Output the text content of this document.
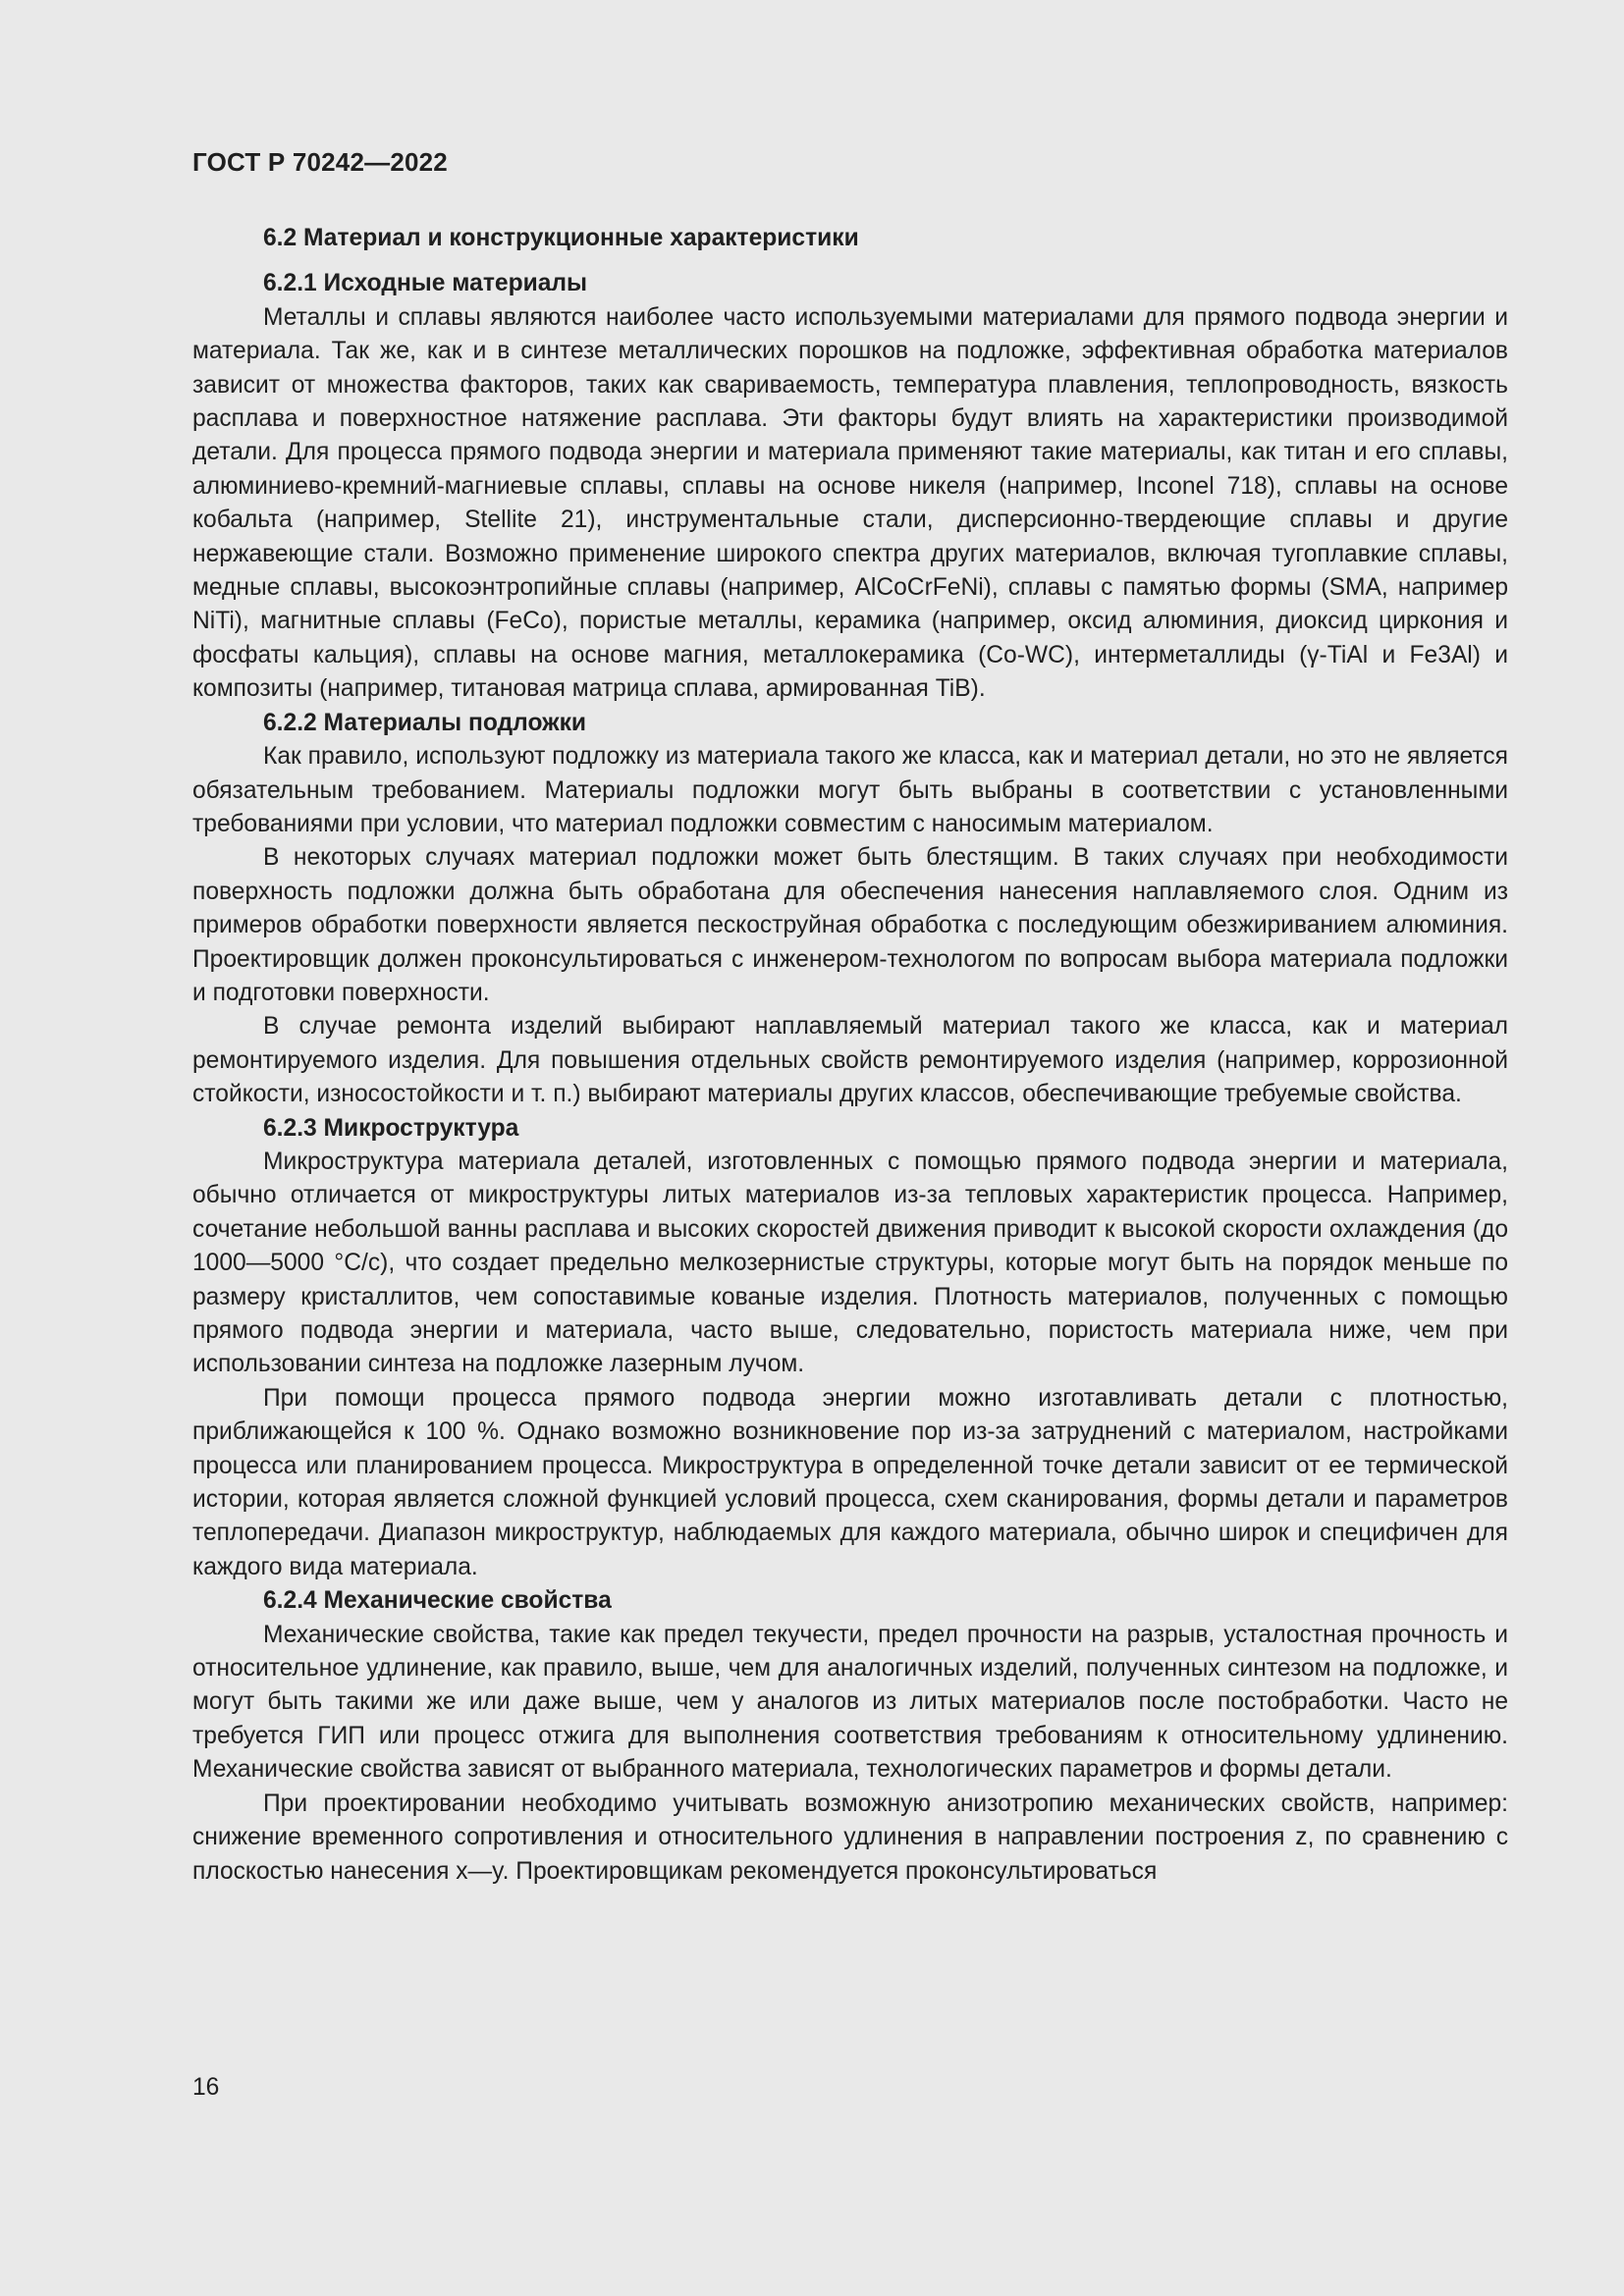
ГОСТ Р 70242—2022
6.2 Материал и конструкционные характеристики
6.2.1 Исходные материалы

Металлы и сплавы являются наиболее часто используемыми материалами для прямого подвода энергии и материала. Так же, как и в синтезе металлических порошков на подложке, эффективная обработка материалов зависит от множества факторов, таких как свариваемость, температура плавления, теплопроводность, вязкость расплава и поверхностное натяжение расплава. Эти факторы будут влиять на характеристики производимой детали. Для процесса прямого подвода энергии и материала применяют такие материалы, как титан и его сплавы, алюминиево-кремний-магниевые сплавы, сплавы на основе никеля (например, Inconel 718), сплавы на основе кобальта (например, Stellite 21), инструментальные стали, дисперсионно-твердеющие сплавы и другие нержавеющие стали. Возможно применение широкого спектра других материалов, включая тугоплавкие сплавы, медные сплавы, высокоэнтропийные сплавы (например, AlCoCrFeNi), сплавы с памятью формы (SMA, например NiTi), магнитные сплавы (FeCo), пористые металлы, керамика (например, оксид алюминия, диоксид циркония и фосфаты кальция), сплавы на основе магния, металлокерамика (Co-WC), интерметаллиды (γ-TiAl и Fe3Al) и композиты (например, титановая матрица сплава, армированная TiB).

6.2.2 Материалы подложки

Как правило, используют подложку из материала такого же класса, как и материал детали, но это не является обязательным требованием. Материалы подложки могут быть выбраны в соответствии с установленными требованиями при условии, что материал подложки совместим с наносимым материалом.

В некоторых случаях материал подложки может быть блестящим. В таких случаях при необходимости поверхность подложки должна быть обработана для обеспечения нанесения наплавляемого слоя. Одним из примеров обработки поверхности является пескоструйная обработка с последующим обезжириванием алюминия. Проектировщик должен проконсультироваться с инженером-технологом по вопросам выбора материала подложки и подготовки поверхности.

В случае ремонта изделий выбирают наплавляемый материал такого же класса, как и материал ремонтируемого изделия. Для повышения отдельных свойств ремонтируемого изделия (например, коррозионной стойкости, износостойкости и т. п.) выбирают материалы других классов, обеспечивающие требуемые свойства.

6.2.3 Микроструктура

Микроструктура материала деталей, изготовленных с помощью прямого подвода энергии и материала, обычно отличается от микроструктуры литых материалов из-за тепловых характеристик процесса. Например, сочетание небольшой ванны расплава и высоких скоростей движения приводит к высокой скорости охлаждения (до 1000—5000 °С/с), что создает предельно мелкозернистые структуры, которые могут быть на порядок меньше по размеру кристаллитов, чем сопоставимые кованые изделия. Плотность материалов, полученных с помощью прямого подвода энергии и материала, часто выше, следовательно, пористость материала ниже, чем при использовании синтеза на подложке лазерным лучом.

При помощи процесса прямого подвода энергии можно изготавливать детали с плотностью, приближающейся к 100 %. Однако возможно возникновение пор из-за затруднений с материалом, настройками процесса или планированием процесса. Микроструктура в определенной точке детали зависит от ее термической истории, которая является сложной функцией условий процесса, схем сканирования, формы детали и параметров теплопередачи. Диапазон микроструктур, наблюдаемых для каждого материала, обычно широк и специфичен для каждого вида материала.

6.2.4 Механические свойства

Механические свойства, такие как предел текучести, предел прочности на разрыв, усталостная прочность и относительное удлинение, как правило, выше, чем для аналогичных изделий, полученных синтезом на подложке, и могут быть такими же или даже выше, чем у аналогов из литых материалов после постобработки. Часто не требуется ГИП или процесс отжига для выполнения соответствия требованиям к относительному удлинению. Механические свойства зависят от выбранного материала, технологических параметров и формы детали.

При проектировании необходимо учитывать возможную анизотропию механических свойств, например: снижение временного сопротивления и относительного удлинения в направлении построения z, по сравнению с плоскостью нанесения x—y. Проектировщикам рекомендуется проконсультироваться

16
